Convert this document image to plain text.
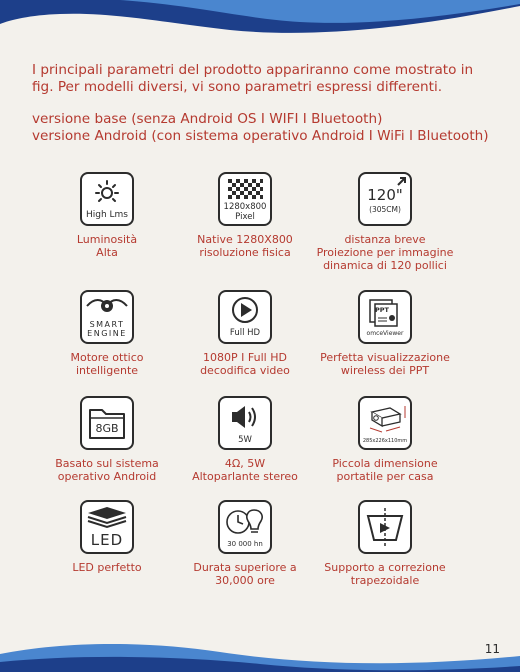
I principali parametri del prodotto appariranno come mostrato in fig. Per modelli diversi, vi sono parametri espressi differenti.

versione base (senza Android OS I WIFI I Bluetooth)
versione Android (con sistema operativo Android I WiFi I Bluetooth)
High Lms
Luminosità
Alta
1280x800
Pixel
Native 1280X800
risoluzione fisica
120"
(305CM)
distanza breve
Proiezione per immagine
dinamica di 120 pollici
SMART
ENGINE
Motore ottico
intelligente
Full HD
1080P I Full HD
decodifica video
PPT
omceViewer
Perfetta visualizzazione
wireless dei PPT
8GB
Basato sul sistema
operativo Android
5W
4Ω, 5W
Altoparlante stereo
285x226x110mm
Piccola dimensione
portatile per casa
LED
LED perfetto
30 000 hn
Durata superiore a
30,000 ore
Supporto a correzione
trapezoidale
11
